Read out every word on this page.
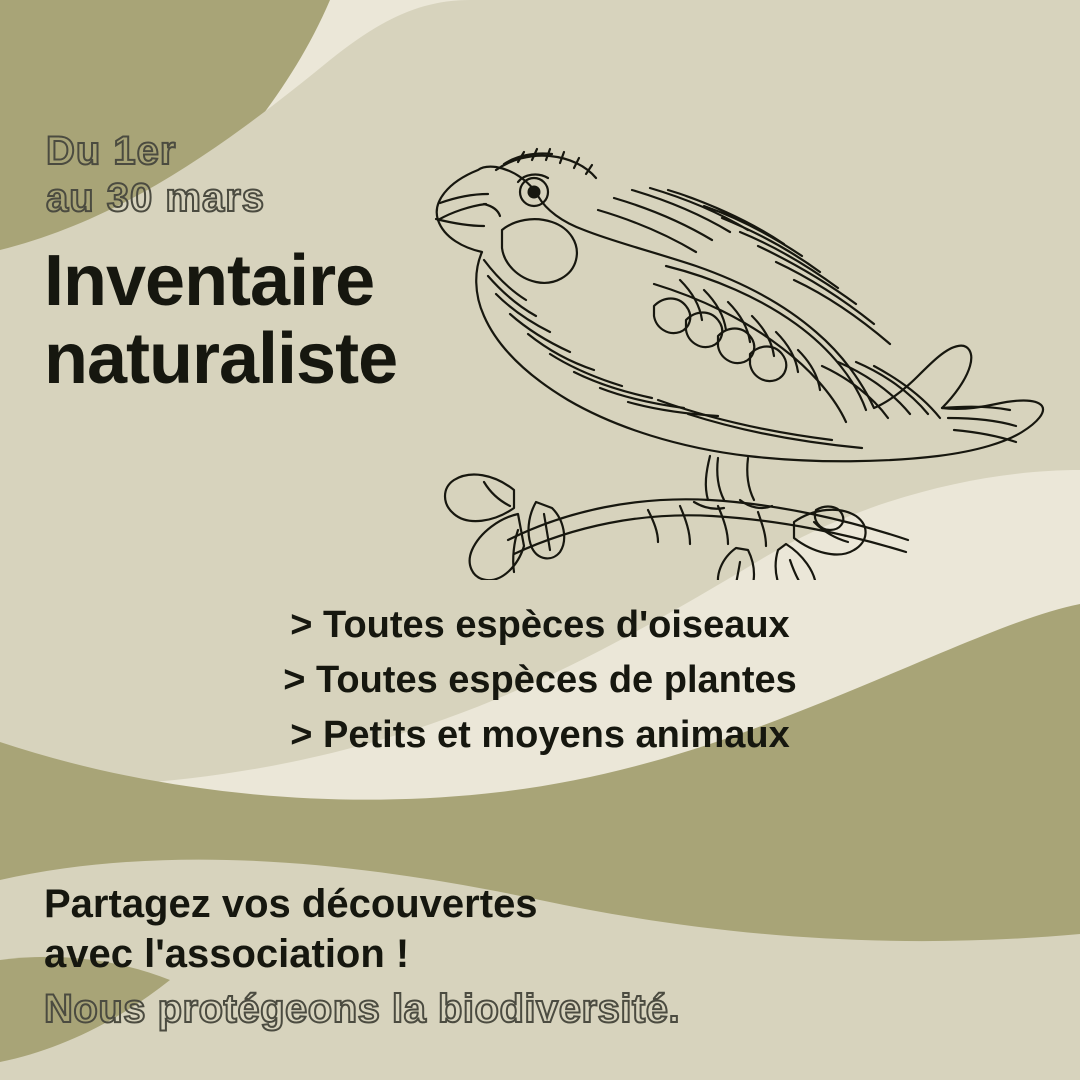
Du 1er
au 30 mars
Inventaire
naturaliste
> Toutes espèces d'oiseaux
> Toutes espèces de plantes
> Petits et moyens animaux
Partagez vos découvertes
avec l'association !
Nous protégeons la biodiversité.
